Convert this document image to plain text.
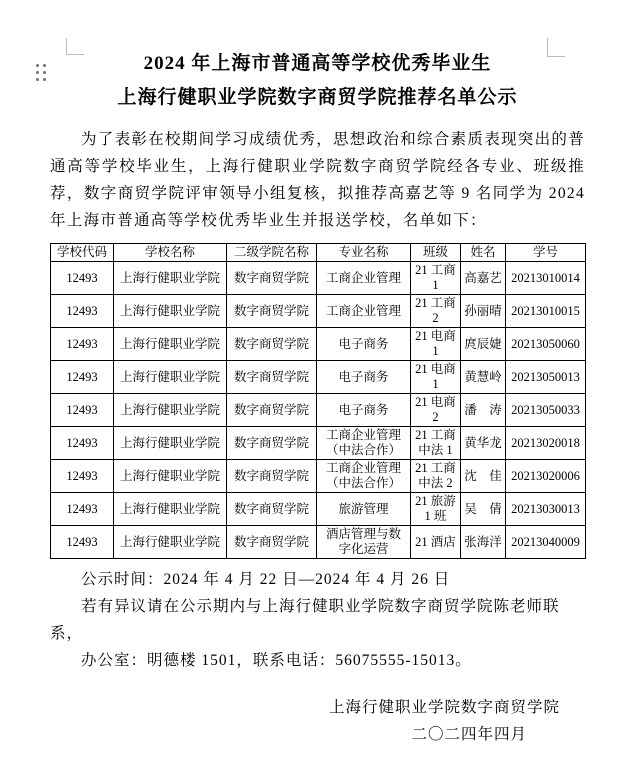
2024 年上海市普通高等学校优秀毕业生
上海行健职业学院数字商贸学院推荐名单公示

为了表彰在校期间学习成绩优秀，思想政治和综合素质表现突出的普通高等学校毕业生，上海行健职业学院数字商贸学院经各专业、班级推荐，数字商贸学院评审领导小组复核，拟推荐高嘉艺等 9 名同学为 2024 年上海市普通高等学校优秀毕业生并报送学校，名单如下：

学校代码	学校名称	二级学院名称	专业名称	班级	姓名	学号
12493	上海行健职业学院	数字商贸学院	工商企业管理	21 工商 1	高嘉艺	20213010014
12493	上海行健职业学院	数字商贸学院	工商企业管理	21 工商 2	孙丽晴	20213010015
12493	上海行健职业学院	数字商贸学院	电子商务	21 电商 1	庹辰婕	20213050060
12493	上海行健职业学院	数字商贸学院	电子商务	21 电商 1	黄慧岭	20213050013
12493	上海行健职业学院	数字商贸学院	电子商务	21 电商 2	潘　涛	20213050033
12493	上海行健职业学院	数字商贸学院	工商企业管理（中法合作）	21 工商中法 1	黄华龙	20213020018
12493	上海行健职业学院	数字商贸学院	工商企业管理（中法合作）	21 工商中法 2	沈　佳	20213020006
12493	上海行健职业学院	数字商贸学院	旅游管理	21 旅游 1 班	吴　倩	20213030013
12493	上海行健职业学院	数字商贸学院	酒店管理与数字化运营	21 酒店	张海洋	20213040009
公示时间：2024 年 4 月 22 日—2024 年 4 月 26 日
若有异议请在公示期内与上海行健职业学院数字商贸学院陈老师联系，
办公室：明德楼 1501，联系电话：56075555-15013。
上海行健职业学院数字商贸学院
二〇二四年四月
